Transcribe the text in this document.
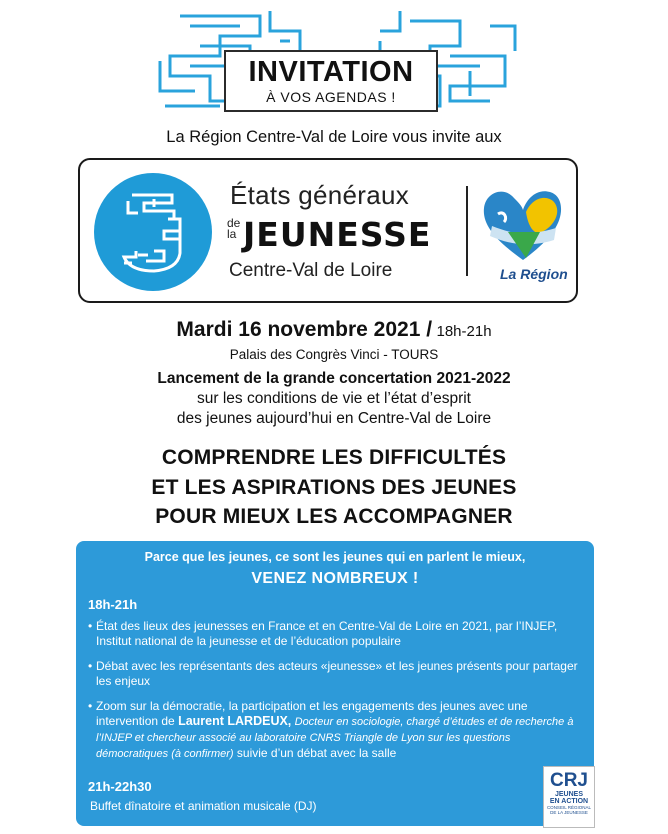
INVITATION
À VOS AGENDAS !
La Région Centre-Val de Loire vous invite aux
États généraux
de
la JEUNESSE
Centre-Val de Loire	La Région
Mardi 16 novembre 2021 / 18h-21h
Palais des Congrès Vinci - TOURS
Lancement de la grande concertation 2021-2022
sur les conditions de vie et l’état d’esprit
des jeunes aujourd’hui en Centre-Val de Loire
COMPRENDRE LES DIFFICULTÉS
ET LES ASPIRATIONS DES JEUNES
POUR MIEUX LES ACCOMPAGNER
Parce que les jeunes, ce sont les jeunes qui en parlent le mieux,
VENEZ NOMBREUX !
18h-21h
• État des lieux des jeunesses en France et en Centre-Val de Loire en 2021, par l’INJEP, Institut national de la jeunesse et de l’éducation populaire
• Débat avec les représentants des acteurs «jeunesse» et les jeunes présents pour partager les enjeux
• Zoom sur la démocratie, la participation et les engagements des jeunes avec une intervention de Laurent LARDEUX, Docteur en sociologie, chargé d’études et de recherche à l’INJEP et chercheur associé au laboratoire CNRS Triangle de Lyon sur les questions démocratiques (à confirmer) suivie d’un débat avec la salle
21h-22h30
Buffet dînatoire et animation musicale (DJ)
CRJ
JEUNES
EN ACTION
CONSEIL RÉGIONAL
DE LA JEUNESSE
